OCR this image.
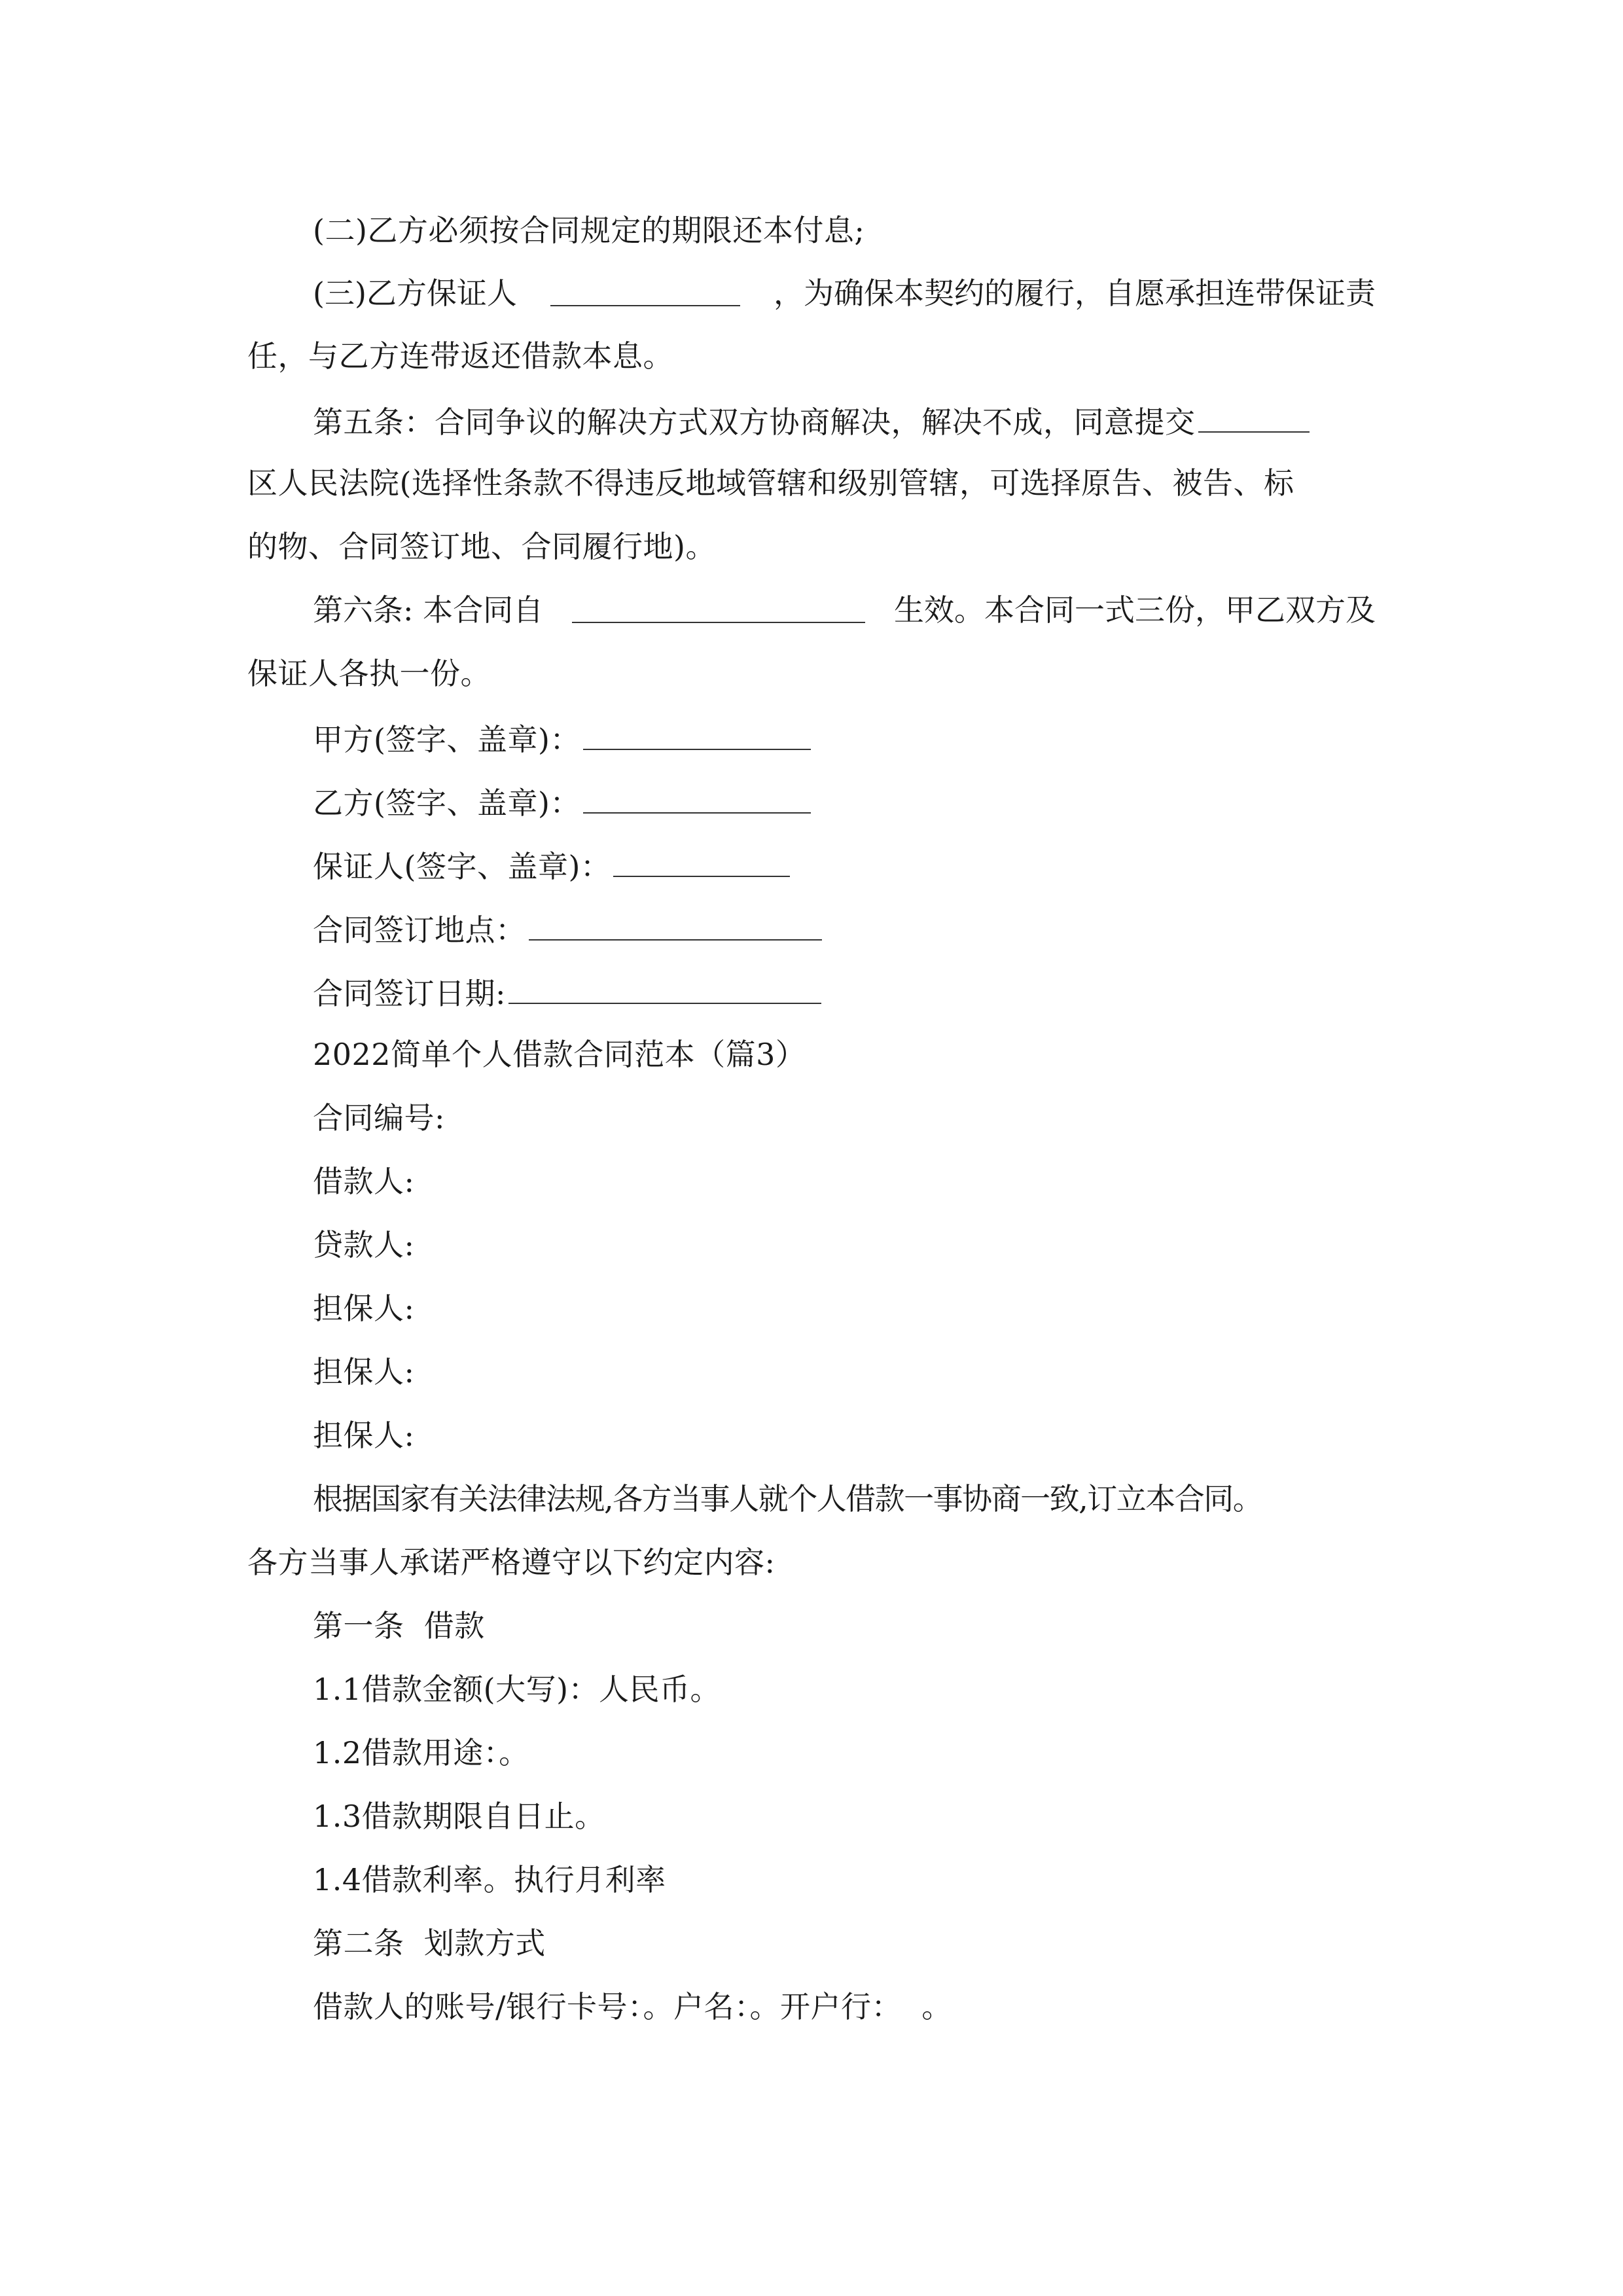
(二)乙方必须按合同规定的期限还本付息;
(三)乙方保证人	，为确保本契约的履行，自愿承担连带保证责
任，与乙方连带返还借款本息。
第五条：合同争议的解决方式双方协商解决，解决不成，同意提交
区人民法院(选择性条款不得违反地域管辖和级别管辖，可选择原告、被告、标
的物、合同签订地、合同履行地)。
第六条: 本合同自	生效。本合同一式三份，甲乙双方及
保证人各执一份。
甲方(签字、盖章)：
乙方(签字、盖章)：
保证人(签字、盖章)：
合同签订地点：
合同签订日期:
2022简单个人借款合同范本（篇3）
合同编号:
借款人:
贷款人:
担保人:
担保人:
担保人:
根据国家有关法律法规,各方当事人就个人借款一事协商一致,订立本合同。
各方当事人承诺严格遵守以下约定内容:
第一条  借款
1.1借款金额(大写)：人民币。
1.2借款用途：。
1.3借款期限自日止。
1.4借款利率。执行月利率
第二条  划款方式
借款人的账号/银行卡号：。户名：。开户行：  。
